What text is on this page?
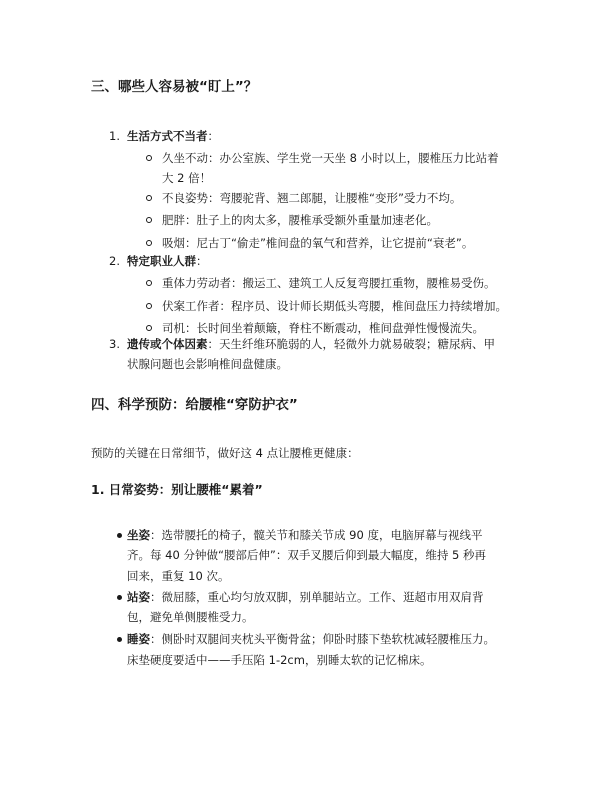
三、哪些人容易被“盯上”？
1. 生活方式不当者：
久坐不动：办公室族、学生党一天坐 8 小时以上，腰椎压力比站着
大 2 倍！
不良姿势：弯腰驼背、翘二郎腿，让腰椎“变形”受力不均。
肥胖：肚子上的肉太多，腰椎承受额外重量加速老化。
吸烟：尼古丁“偷走”椎间盘的氧气和营养，让它提前“衰老”。
2. 特定职业人群：
重体力劳动者：搬运工、建筑工人反复弯腰扛重物，腰椎易受伤。
伏案工作者：程序员、设计师长期低头弯腰，椎间盘压力持续增加。
司机：长时间坐着颠簸，脊柱不断震动，椎间盘弹性慢慢流失。
3. 遗传或个体因素：天生纤维环脆弱的人，轻微外力就易破裂；糖尿病、甲
状腺问题也会影响椎间盘健康。
四、科学预防：给腰椎“穿防护衣”

预防的关键在日常细节，做好这 4 点让腰椎更健康：

1. 日常姿势：别让腰椎“累着”
坐姿：选带腰托的椅子，髋关节和膝关节成 90 度，电脑屏幕与视线平
齐。每 40 分钟做“腰部后伸”：双手叉腰后仰到最大幅度，维持 5 秒再
回来，重复 10 次。
站姿：微屈膝，重心均匀放双脚，别单腿站立。工作、逛超市用双肩背
包，避免单侧腰椎受力。
睡姿：侧卧时双腿间夹枕头平衡骨盆；仰卧时膝下垫软枕减轻腰椎压力。
床垫硬度要适中——手压陷 1-2cm，别睡太软的记忆棉床。
